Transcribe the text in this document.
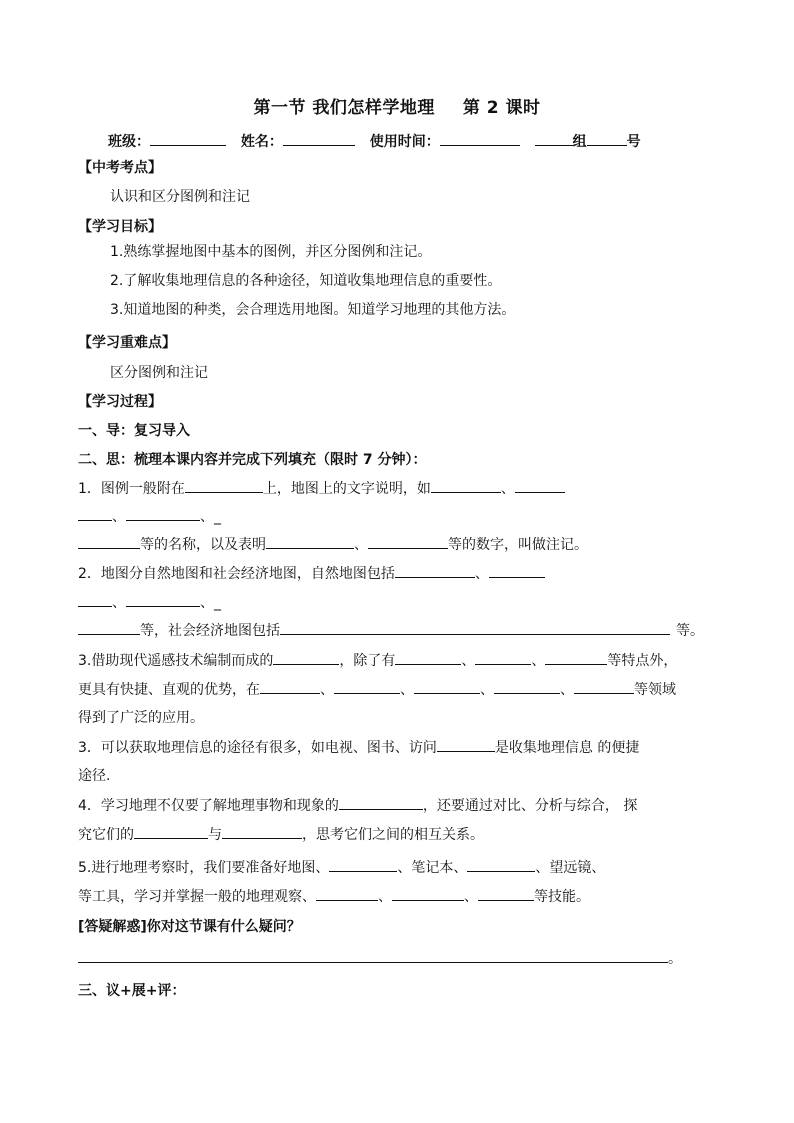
第一节 我们怎样学地理 第 2 课时
班级：	姓名：	使用时间：	组	号
【中考考点】
认识和区分图例和注记
【学习目标】
1.熟练掌握地图中基本的图例，并区分图例和注记。
2.了解收集地理信息的各种途径，知道收集地理信息的重要性。
3.知道地图的种类，会合理选用地图。知道学习地理的其他方法。
【学习重难点】
区分图例和注记
【学习过程】
一、导：复习导入
二、思：梳理本课内容并完成下列填充（限时 7 分钟）：
1．图例一般附在	上，地图上的文字说明，如	、
、	、_
等的名称，以及表明	、	等的数字，叫做注记。
2．地图分自然地图和社会经济地图，自然地图包括	、
、	、_
等，社会经济地图包括	等。
3.借助现代遥感技术编制而成的	，除了有	、	、	等特点外，
更具有快捷、直观的优势，在	、	、	、	、	等领域
得到了广泛的应用。
3．可以获取地理信息的途径有很多，如电视、图书、访问	是收集地理信息 的便捷
途径.
4．学习地理不仅要了解地理事物和现象的	，还要通过对比、分析与综合， 探
究它们的	与	，思考它们之间的相互关系。
5.进行地理考察时，我们要准备好地图、	、笔记本、	、望远镜、
等工具，学习并掌握一般的地理观察、	、	、	等技能。
[答疑解惑]你对这节课有什么疑问？
。
三、议+展+评：
